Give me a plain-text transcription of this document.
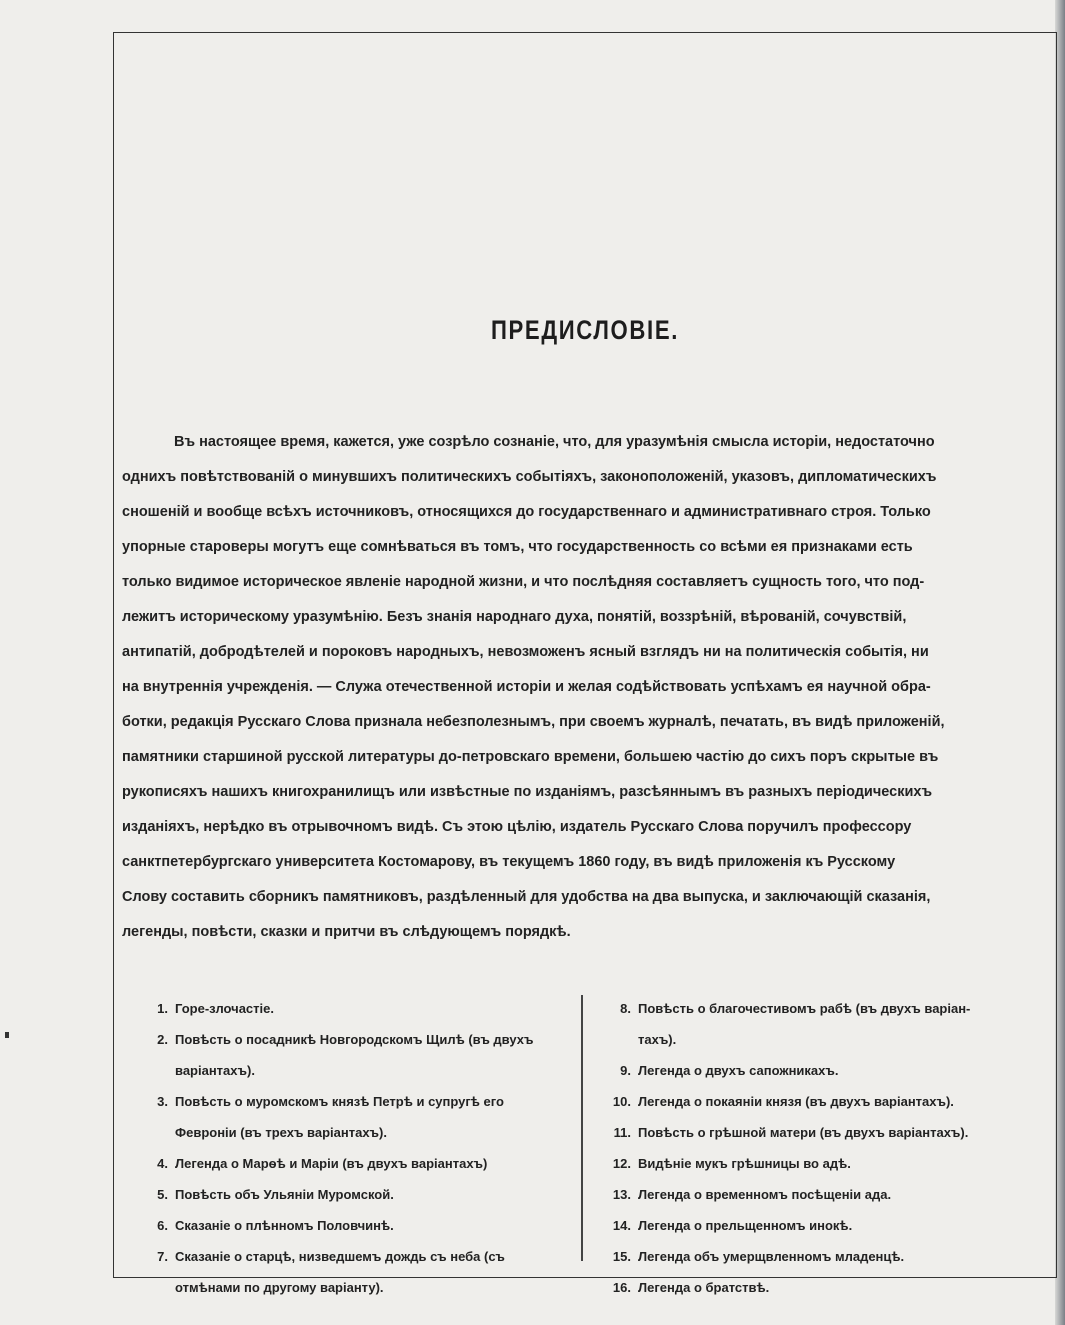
ПРЕДИСЛОВІЕ.
Въ настоящее время, кажется, уже созрѣло сознаніе, что, для уразумѣнія смысла исторіи, недостаточно
однихъ повѣтствованій о минувшихъ политическихъ событіяхъ, законоположеній, указовъ, дипломатическихъ
сношеній и вообще всѣхъ источниковъ, относящихся до государственнаго и административнаго строя. Только
упорные староверы могутъ еще сомнѣваться въ томъ, что государственность со всѣми ея признаками есть
только видимое историческое явленіе народной жизни, и что послѣдняя составляетъ сущность того, что под-
лежитъ историческому уразумѣнію. Безъ знанія народнаго духа, понятій, воззрѣній, вѣрованій, сочувствій,
антипатій, добродѣтелей и пороковъ народныхъ, невозможенъ ясный взглядъ ни на политическія событія, ни
на внутреннія учрежденія. — Служа отечественной исторіи и желая содѣйствовать успѣхамъ ея научной обра-
ботки, редакція Русскаго Слова признала небезполезнымъ, при своемъ журналѣ, печатать, въ видѣ приложеній,
памятники старшиной русской литературы до-петровскаго времени, большею частію до сихъ поръ скрытые въ
рукописяхъ нашихъ книгохранилищъ или извѣстные по изданіямъ, разсѣяннымъ въ разныхъ періодическихъ
изданіяхъ, нерѣдко въ отрывочномъ видѣ. Съ этою цѣлію, издатель Русскаго Слова поручилъ профессору
санктпетербургскаго университета Костомарову, въ текущемъ 1860 году, въ видѣ приложенія къ Русскому
Слову составить сборникъ памятниковъ, раздѣленный для удобства на два выпуска, и заключающій сказанія,
легенды, повѣсти, сказки и притчи въ слѣдующемъ порядкѣ.
1. Горе-злочастіе.
2. Повѣсть о посадникѣ Новгородскомъ Щилѣ (въ двухъ
варіантахъ).
3. Повѣсть о муромскомъ князѣ Петрѣ и супругѣ его
Февроніи (въ трехъ варіантахъ).
4. Легенда о Марѳѣ и Маріи (въ двухъ варіантахъ)
5. Повѣсть объ Ульяніи Муромской.
6. Сказаніе о плѣнномъ Половчинѣ.
7. Сказаніе о старцѣ, низведшемъ дождь съ неба (съ
отмѣнами по другому варіанту).
8. Повѣсть о благочестивомъ рабѣ (въ двухъ варіан-
тахъ).
9. Легенда о двухъ сапожникахъ.
10. Легенда о покаяніи князя (въ двухъ варіантахъ).
11. Повѣсть о грѣшной матери (въ двухъ варіантахъ).
12. Видѣніе мукъ грѣшницы во адѣ.
13. Легенда о временномъ посѣщеніи ада.
14. Легенда о прельщенномъ инокѣ.
15. Легенда объ умерщвленномъ младенцѣ.
16. Легенда о братствѣ.
